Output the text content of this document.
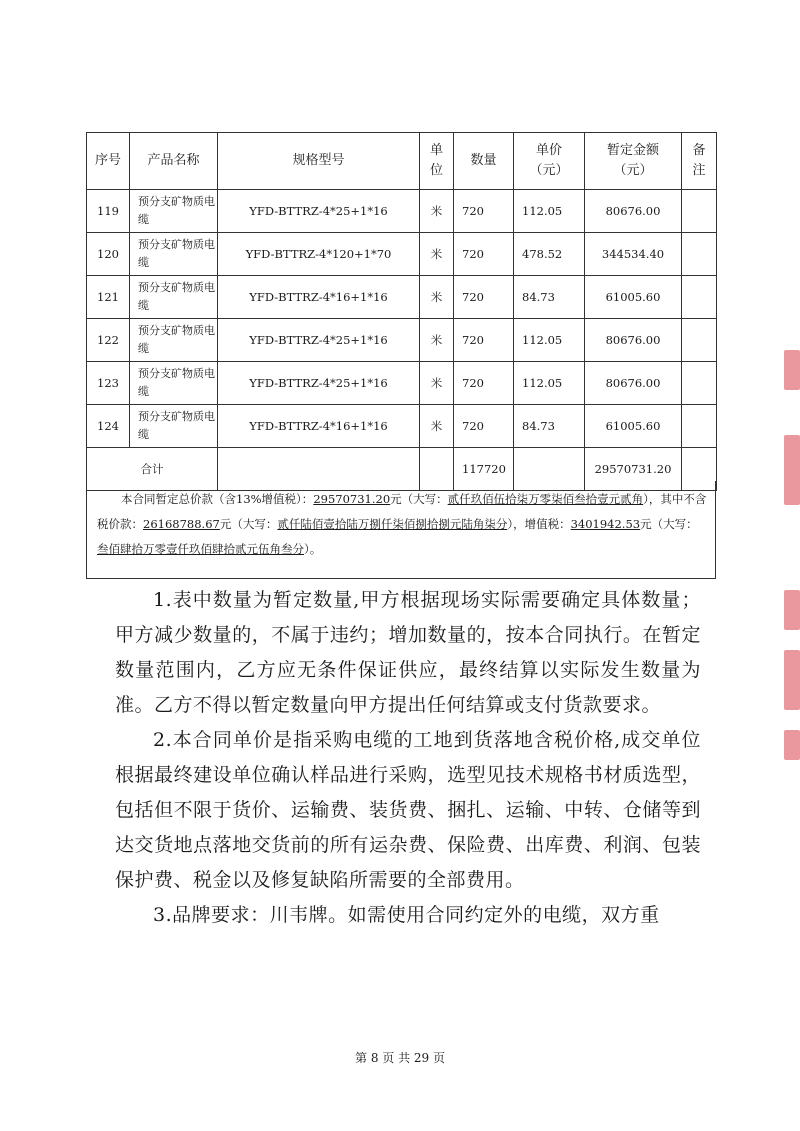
序号	产品名称	规格型号	单位	数量	单价（元）	暂定金额（元）	备注
119	预分支矿物质电缆	YFD-BTTRZ-4*25+1*16	米	720	112.05	80676.00	
120	预分支矿物质电缆	YFD-BTTRZ-4*120+1*70	米	720	478.52	344534.40	
121	预分支矿物质电缆	YFD-BTTRZ-4*16+1*16	米	720	84.73	61005.60	
122	预分支矿物质电缆	YFD-BTTRZ-4*25+1*16	米	720	112.05	80676.00	
123	预分支矿物质电缆	YFD-BTTRZ-4*25+1*16	米	720	112.05	80676.00	
124	预分支矿物质电缆	YFD-BTTRZ-4*16+1*16	米	720	84.73	61005.60	
合计				117720		29570731.20	
本合同暂定总价款（含13%增值税）：29570731.20元（大写：贰仟玖佰伍拾柒万零柒佰叁拾壹元贰角），其中不含税价款：26168788.67元（大写：贰仟陆佰壹拾陆万捌仟柒佰捌拾捌元陆角柒分），增值税：3401942.53元（大写：叁佰肆拾万零壹仟玖佰肆拾贰元伍角叁分）。

1.表中数量为暂定数量,甲方根据现场实际需要确定具体数量；甲方减少数量的，不属于违约；增加数量的，按本合同执行。在暂定数量范围内，乙方应无条件保证供应，最终结算以实际发生数量为准。乙方不得以暂定数量向甲方提出任何结算或支付货款要求。

2.本合同单价是指采购电缆的工地到货落地含税价格,成交单位根据最终建设单位确认样品进行采购，选型见技术规格书材质选型，包括但不限于货价、运输费、装货费、捆扎、运输、中转、仓储等到达交货地点落地交货前的所有运杂费、保险费、出库费、利润、包装保护费、税金以及修复缺陷所需要的全部费用。

3.品牌要求：川韦牌。如需使用合同约定外的电缆，双方重

第 8 页 共 29 页
